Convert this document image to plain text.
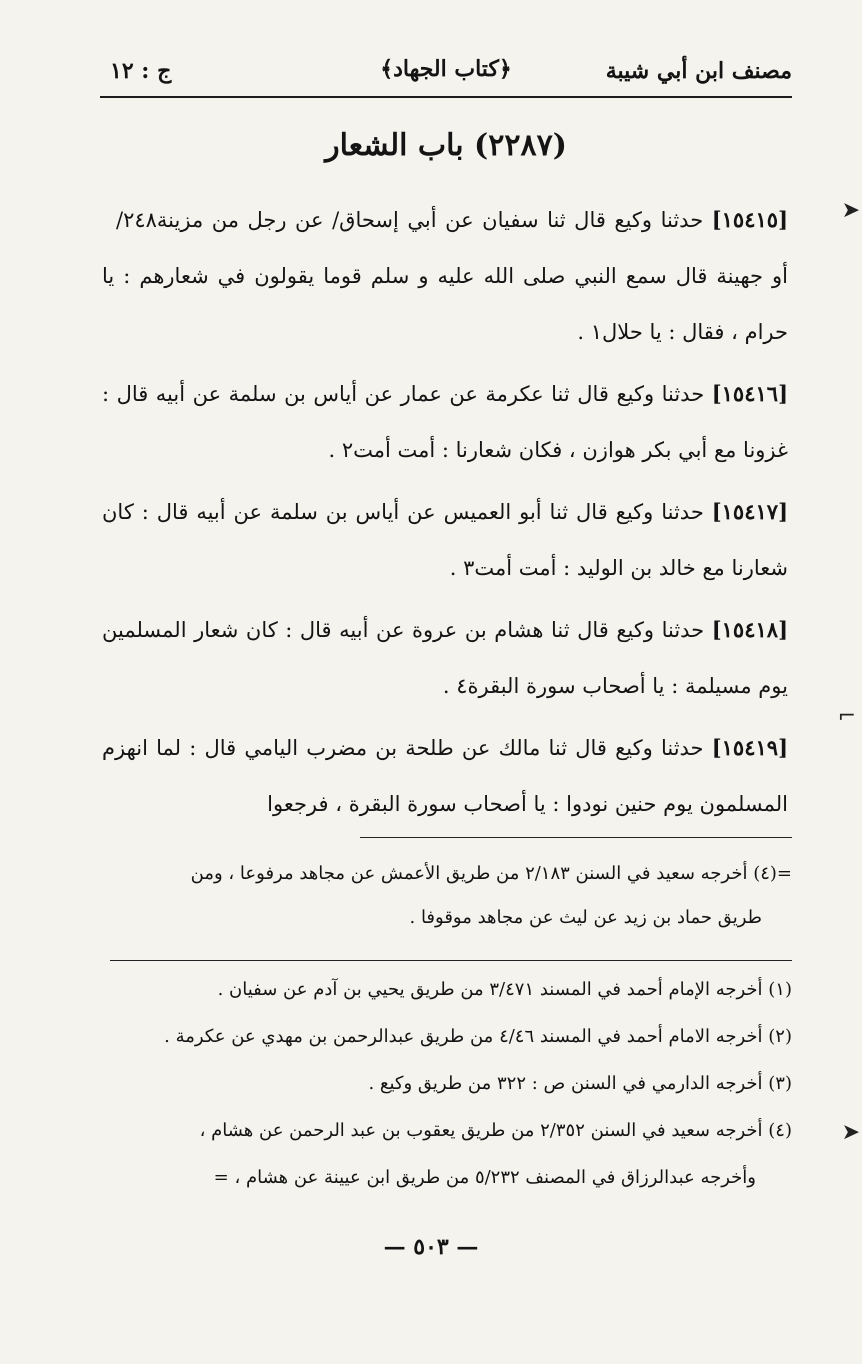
مصنف ابن أبي شيبة
﴿كتاب الجهاد﴾
ج : ١٢
(٢٢٨٧) باب الشعار

٢٤٨/	[١٥٤١٥] حدثنا وكيع قال ثنا سفيان عن أبي إسحاق/ عن رجل من مزينة أو جهينة قال سمع النبي صلى الله عليه و سلم قوما يقولون في شعارهم : يا حرام ، فقال : يا حلال١ .

[١٥٤١٦] حدثنا وكيع قال ثنا عكرمة عن عمار عن أياس بن سلمة عن أبيه قال : غزونا مع أبي بكر هوازن ، فكان شعارنا : أمت أمت٢ .

[١٥٤١٧] حدثنا وكيع قال ثنا أبو العميس عن أياس بن سلمة عن أبيه قال : كان شعارنا مع خالد بن الوليد : أمت أمت٣ .

[١٥٤١٨] حدثنا وكيع قال ثنا هشام بن عروة عن أبيه قال : كان شعار المسلمين يوم مسيلمة : يا أصحاب سورة البقرة٤ .

[١٥٤١٩] حدثنا وكيع قال ثنا مالك عن طلحة بن مضرب اليامي قال : لما انهزم المسلمون يوم حنين نودوا : يا أصحاب سورة البقرة ، فرجعوا

=(٤) أخرجه سعيد في السنن ٢/١٨٣ من طريق الأعمش عن مجاهد مرفوعا ، ومن

طريق حماد بن زيد عن ليث عن مجاهد موقوفا .

(١) أخرجه الإمام أحمد في المسند ٣/٤٧١ من طريق يحيي بن آدم عن سفيان .

(٢) أخرجه الامام أحمد في المسند ٤/٤٦ من طريق عبدالرحمن بن مهدي عن عكرمة .

(٣) أخرجه الدارمي في السنن ص : ٣٢٢ من طريق وكيع .

(٤) أخرجه سعيد في السنن ٢/٣٥٢ من طريق يعقوب بن عبد الرحمن عن هشام ،

وأخرجه عبدالرزاق في المصنف ٥/٢٣٢ من طريق ابن عيينة عن هشام ، =

— ٥٠٣ —
➤
⌐
➤
